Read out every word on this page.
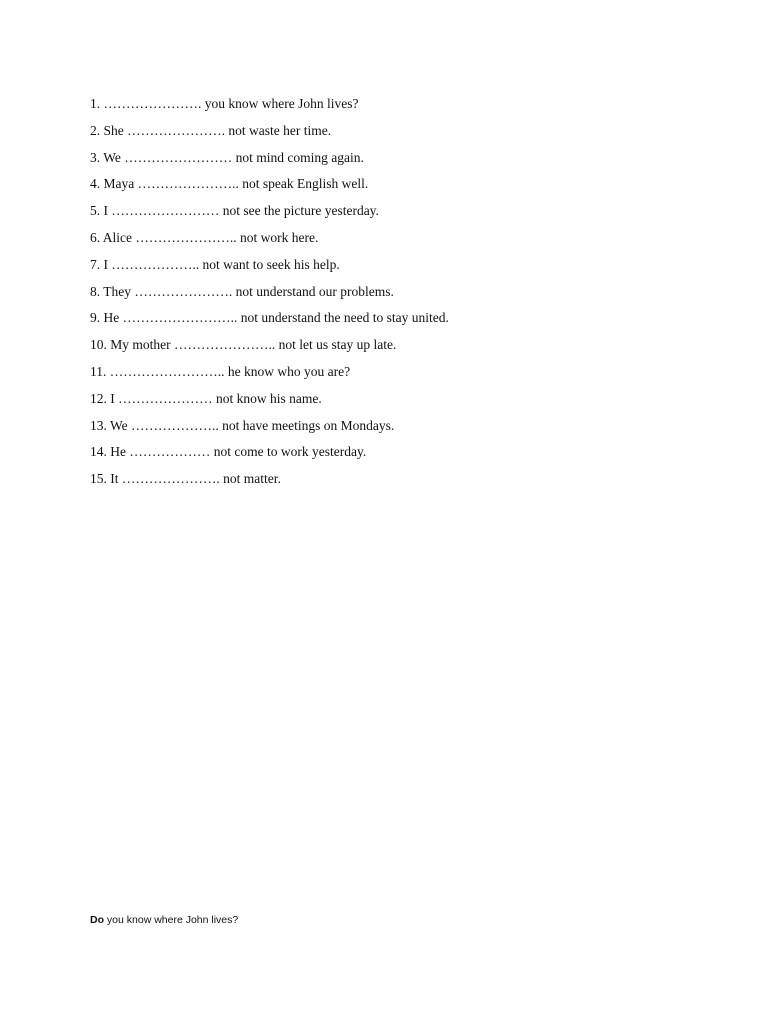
1. …………………. you know where John lives?
2. She …………………. not waste her time.
3. We …………………… not mind coming again.
4. Maya ………………….. not speak English well.
5. I …………………… not see the picture yesterday.
6. Alice ………………….. not work here.
7. I ……………….. not want to seek his help.
8. They …………………. not understand our problems.
9. He …………………….. not understand the need to stay united.
10. My mother ………………….. not let us stay up late.
11. …………………….. he know who you are?
12. I ………………… not know his name.
13. We ……………….. not have meetings on Mondays.
14. He ……………… not come to work yesterday.
15. It …………………. not matter.

Do you know where John lives?
